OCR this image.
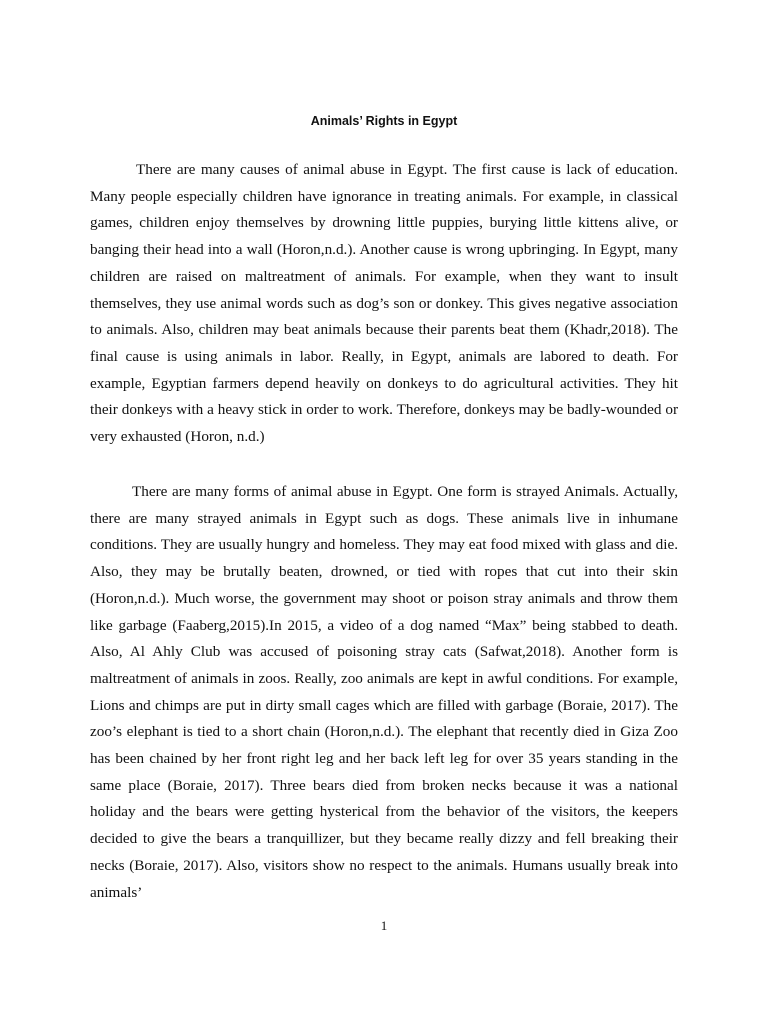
Animals’ Rights in Egypt

There are many causes of animal abuse in Egypt. The first cause is lack of education. Many people especially children have ignorance in treating animals. For example, in classical games, children enjoy themselves by drowning little puppies, burying little kittens alive, or banging their head into a wall (Horon,n.d.). Another cause is wrong upbringing. In Egypt, many children are raised on maltreatment of animals. For example, when they want to insult themselves, they use animal words such as dog’s son or donkey. This gives negative association to animals. Also, children may beat animals because their parents beat them (Khadr,2018). The final cause is using animals in labor. Really, in Egypt, animals are labored to death. For example, Egyptian farmers depend heavily on donkeys to do agricultural activities. They hit their donkeys with a heavy stick in order to work. Therefore, donkeys may be badly-wounded or very exhausted (Horon, n.d.)

There are many forms of animal abuse in Egypt. One form is strayed Animals. Actually, there are many strayed animals in Egypt such as dogs. These animals live in inhumane conditions. They are usually hungry and homeless. They may eat food mixed with glass and die. Also, they may be brutally beaten, drowned, or tied with ropes that cut into their skin (Horon,n.d.). Much worse, the government may shoot or poison stray animals and throw them like garbage (Faaberg,2015).In 2015, a video of a dog named “Max” being stabbed to death. Also, Al Ahly Club was accused of poisoning stray cats (Safwat,2018). Another form is maltreatment of animals in zoos. Really, zoo animals are kept in awful conditions. For example, Lions and chimps are put in dirty small cages which are filled with garbage (Boraie, 2017). The zoo’s elephant is tied to a short chain (Horon,n.d.). The elephant that recently died in Giza Zoo has been chained by her front right leg and her back left leg for over 35 years standing in the same place (Boraie, 2017). Three bears died from broken necks because it was a national holiday and the bears were getting hysterical from the behavior of the visitors, the keepers decided to give the bears a tranquillizer, but they became really dizzy and fell breaking their necks (Boraie, 2017). Also, visitors show no respect to the animals. Humans usually break into animals’

1
